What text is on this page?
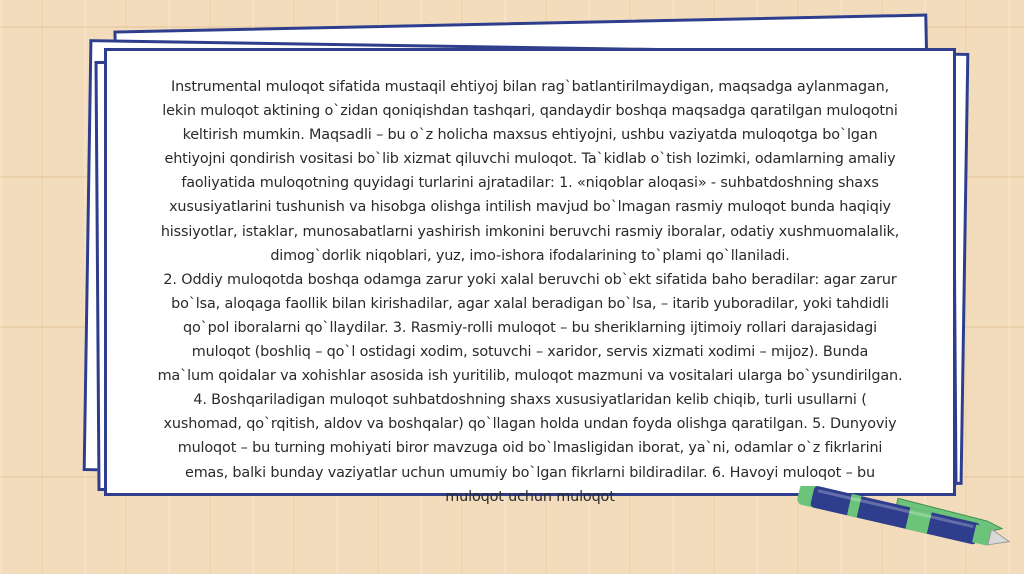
Instrumental muloqot sifatida mustaqil ehtiyoj bilan rag`batlantirilmaydigan, maqsadga aylanmagan,
lekin muloqot aktining o`zidan qoniqishdan tashqari, qandaydir boshqa maqsadga qaratilgan muloqotni
keltirish mumkin. Maqsadli – bu o`z holicha maxsus ehtiyojni, ushbu vaziyatda muloqotga bo`lgan
ehtiyojni qondirish vositasi bo`lib xizmat qiluvchi muloqot. Ta`kidlab o`tish lozimki, odamlarning amaliy
faoliyatida muloqotning quyidagi turlarini ajratadilar: 1. «niqoblar aloqasi» - suhbatdoshning shaxs
xususiyatlarini tushunish va hisobga olishga intilish mavjud bo`lmagan rasmiy muloqot bunda haqiqiy
hissiyotlar, istaklar, munosabatlarni yashirish imkonini beruvchi rasmiy iboralar, odatiy xushmuomalalik,
dimog`dorlik niqoblari, yuz, imo-ishora ifodalarining to`plami qo`llaniladi.
2. Oddiy muloqotda boshqa odamga zarur yoki xalal beruvchi ob`ekt sifatida baho beradilar: agar zarur
bo`lsa, aloqaga faollik bilan kirishadilar, agar xalal beradigan bo`lsa, – itarib yuboradilar, yoki tahdidli
qo`pol iboralarni qo`llaydilar. 3. Rasmiy-rolli muloqot – bu sheriklarning ijtimoiy rollari darajasidagi
muloqot (boshliq – qo`l ostidagi xodim, sotuvchi – xaridor, servis xizmati xodimi – mijoz). Bunda
ma`lum qoidalar va xohishlar asosida ish yuritilib, muloqot mazmuni va vositalari ularga bo`ysundirilgan.
4. Boshqariladigan muloqot suhbatdoshning shaxs xususiyatlaridan kelib chiqib, turli usullarni (
xushomad, qo`rqitish, aldov va boshqalar) qo`llagan holda undan foyda olishga qaratilgan. 5. Dunyoviy
muloqot – bu turning mohiyati biror mavzuga oid bo`lmasligidan iborat, ya`ni, odamlar o`z fikrlarini
emas, balki bunday vaziyatlar uchun umumiy bo`lgan fikrlarni bildiradilar. 6. Havoyi muloqot – bu
muloqot uchun muloqot
